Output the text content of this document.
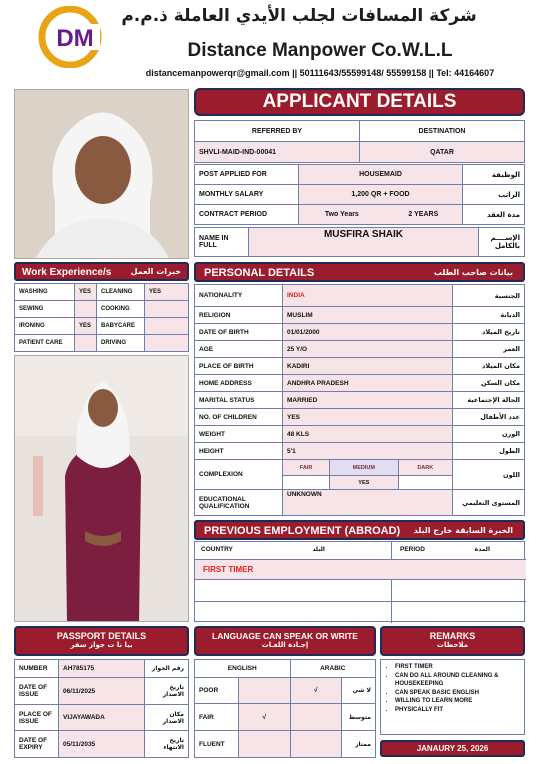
DM
شركة المسافات لجلب الأيدي العاملة ذ.م.م
Distance Manpower Co.W.L.L
distancemanpowerqr@gmail.com || 50111643/55599148/ 55599158 || Tel: 44164607
APPLICANT DETAILS
REFERRED BY	DESTINATION
SHVLI-MAID-IND-00041	QATAR
POST APPLIED FOR	HOUSEMAID		الوظيفة
MONTHLY SALARY	1,200 QR + FOOD		الراتب
CONTRACT PERIOD	Two Years	2 YEARS	مدة العقد
NAME IN FULL	MUSFIRA SHAIK	الإســــم بالكامل
Work Experience/s خبرات العمل
WASHING	YES	CLEANING	YES
SEWING		COOKING	
IRONING	YES	BABYCARE	
PATIENT CARE		DRIVING	
PERSONAL DETAILS	بيانات صاحب الطلب
NATIONALITY	INDIA			الجنسية
RELIGION	MUSLIM			الديانة
DATE OF BIRTH	01/01/2000			تاريخ الميلاد
AGE	25 Y/O			العمر
PLACE OF BIRTH	KADIRI			مكان الميلاد
HOME ADDRESS	ANDHRA PRADESH			مكان السكن
MARITAL STATUS	MARRIED			الحالة الإجتماعية
NO. OF CHILDREN	YES			عدد الأطفال
WEIGHT	48 KLS			الوزن
HEIGHT	5'1			الطول
COMPLEXION	FAIR	MEDIUM	DARK	اللون
		YES		
EDUCATIONAL QUALIFICATION	UNKNOWN			المستوى التعليمي
PREVIOUS EMPLOYMENT (ABROAD) الخبرة السابقة خارج البلد
COUNTRY	البلد	PERIOD	المدة
FIRST TIMER
PASSPORT DETAILS
بيا نا ت جواز سفر
NUMBER	AH785175	رقم الجواز
DATE OF ISSUE	06/11/2025	تاريخ الاصدار
PLACE OF ISSUE	VIJAYAWADA	مكان الاصدار
DATE OF EXPIRY	05/11/2035	تاريخ الانتهاء
LANGUAGE CAN SPEAK OR WRITE
إجـادة اللغـات
ENGLISH		ARABIC	
POOR		√	لا شي
FAIR	√		متوسط
FLUENT			ممتاز
REMARKS
ملاحظات
• FIRST TIMER
• CAN DO ALL AROUND CLEANING & HOUSEKEEPING
• CAN SPEAK BASIC ENGLISH
• WILLING TO LEARN MORE
• PHYSICALLY FIT
JANAURY 25, 2026
